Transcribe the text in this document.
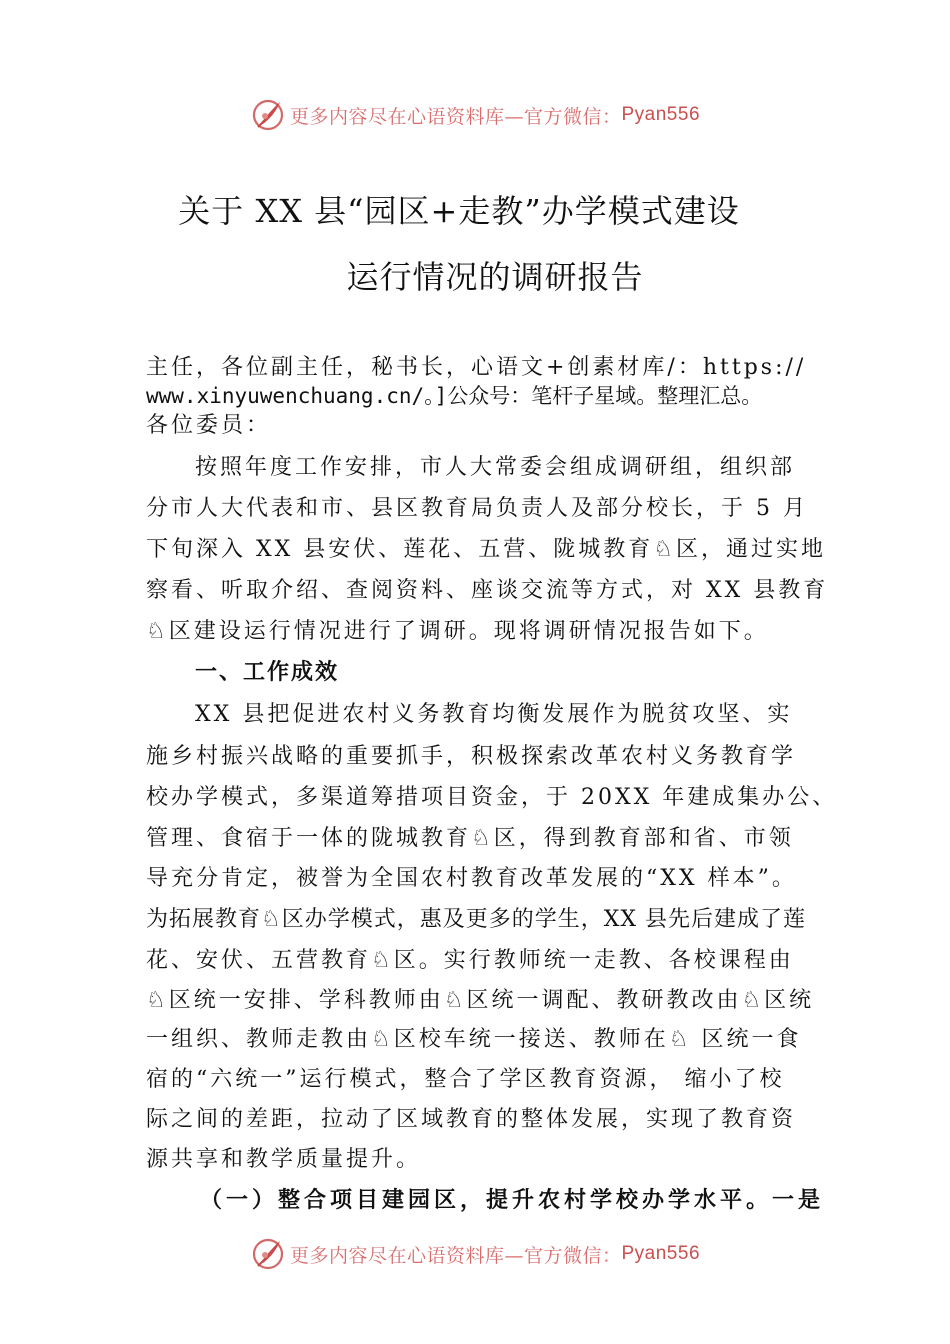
更多内容尽在心语资料库—官方微信： Pyan556
关于 XX 县“园区+走教”办学模式建设
运行情况的调研报告
主任，各位副主任，秘书长，心语文+创素材库/：https://
www.xinyuwenchuang.cn/。]公众号：笔杆子星域。整理汇总。
各位委员：
按照年度工作安排，市人大常委会组成调研组，组织部
分市人大代表和市、县区教育局负责人及部分校长，于 5 月
下旬深入 XX 县安伏、莲花、五营、陇城教育♘区，通过实地
察看、听取介绍、查阅资料、座谈交流等方式，对 XX 县教育
♘区建设运行情况进行了调研。现将调研情况报告如下。
一、工作成效
XX 县把促进农村义务教育均衡发展作为脱贫攻坚、实
施乡村振兴战略的重要抓手，积极探索改革农村义务教育学
校办学模式，多渠道筹措项目资金，于 20XX 年建成集办公、
管理、食宿于一体的陇城教育♘区，得到教育部和省、市领
导充分肯定，被誉为全国农村教育改革发展的“XX 样本”。
为拓展教育♘区办学模式，惠及更多的学生，XX 县先后建成了莲
花、安伏、五营教育♘区。实行教师统一走教、各校课程由
♘区统一安排、学科教师由♘区统一调配、教研教改由♘区统
一组织、教师走教由♘区校车统一接送、教师在♘ 区统一食
宿的“六统一”运行模式，整合了学区教育资源， 缩小了校
际之间的差距，拉动了区域教育的整体发展，实现了教育资
源共享和教学质量提升。
（一）整合项目建园区，提升农村学校办学水平。一是
更多内容尽在心语资料库—官方微信： Pyan556
